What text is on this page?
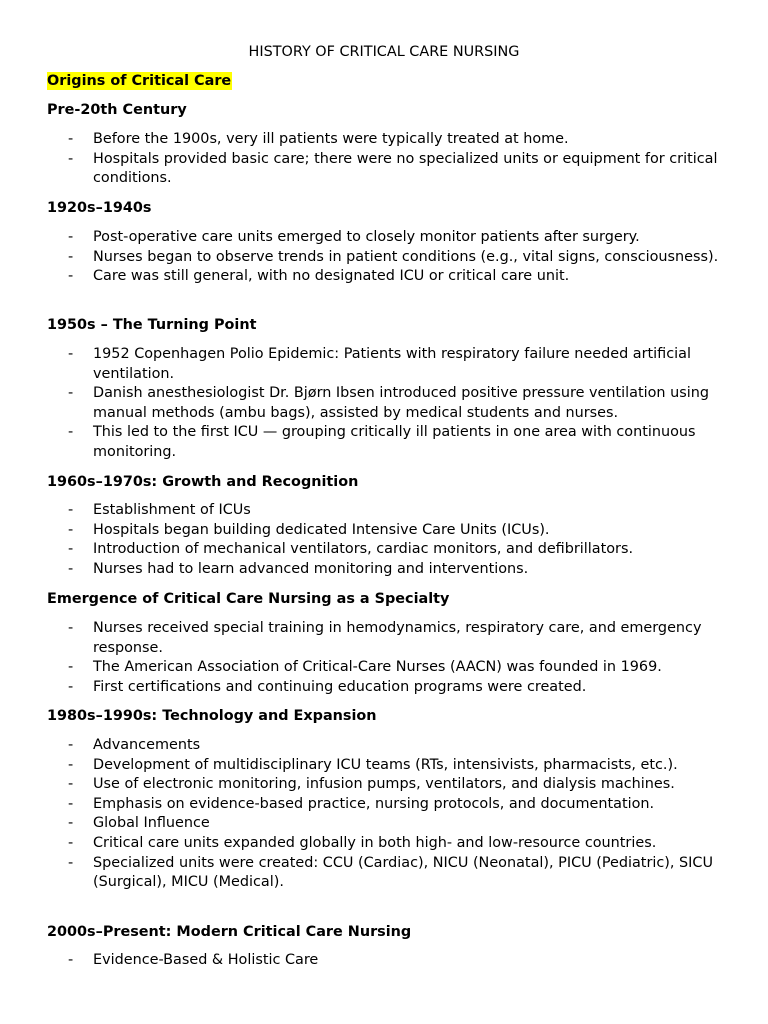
HISTORY OF CRITICAL CARE NURSING
Origins of Critical Care
Pre-20th Century
- Before the 1900s, very ill patients were typically treated at home.
- Hospitals provided basic care; there were no specialized units or equipment for critical conditions.
1920s–1940s
- Post-operative care units emerged to closely monitor patients after surgery.
- Nurses began to observe trends in patient conditions (e.g., vital signs, consciousness).
- Care was still general, with no designated ICU or critical care unit.
1950s – The Turning Point
- 1952 Copenhagen Polio Epidemic: Patients with respiratory failure needed artificial ventilation.
- Danish anesthesiologist Dr. Bjørn Ibsen introduced positive pressure ventilation using manual methods (ambu bags), assisted by medical students and nurses.
- This led to the first ICU — grouping critically ill patients in one area with continuous monitoring.
1960s–1970s: Growth and Recognition
- Establishment of ICUs
- Hospitals began building dedicated Intensive Care Units (ICUs).
- Introduction of mechanical ventilators, cardiac monitors, and defibrillators.
- Nurses had to learn advanced monitoring and interventions.
Emergence of Critical Care Nursing as a Specialty
- Nurses received special training in hemodynamics, respiratory care, and emergency response.
- The American Association of Critical-Care Nurses (AACN) was founded in 1969.
- First certifications and continuing education programs were created.
1980s–1990s: Technology and Expansion
- Advancements
- Development of multidisciplinary ICU teams (RTs, intensivists, pharmacists, etc.).
- Use of electronic monitoring, infusion pumps, ventilators, and dialysis machines.
- Emphasis on evidence-based practice, nursing protocols, and documentation.
- Global Influence
- Critical care units expanded globally in both high- and low-resource countries.
- Specialized units were created: CCU (Cardiac), NICU (Neonatal), PICU (Pediatric), SICU (Surgical), MICU (Medical).
2000s–Present: Modern Critical Care Nursing
- Evidence-Based & Holistic Care
